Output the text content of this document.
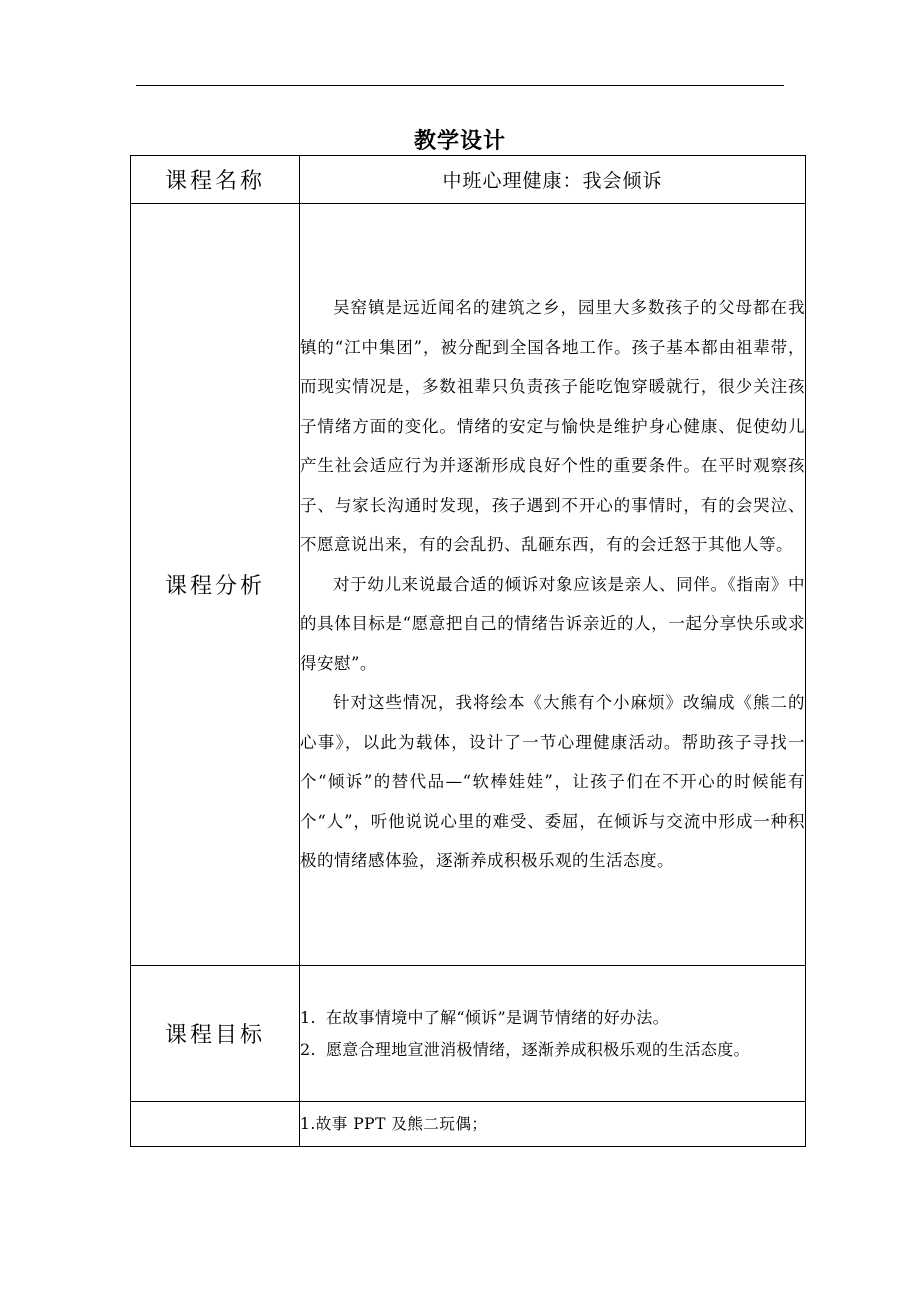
教学设计
课程名称	中班心理健康：我会倾诉
课程分析	吴窑镇是远近闻名的建筑之乡，园里大多数孩子的父母都在我镇的“江中集团”，被分配到全国各地工作。孩子基本都由祖辈带，而现实情况是，多数祖辈只负责孩子能吃饱穿暖就行，很少关注孩子情绪方面的变化。情绪的安定与愉快是维护身心健康、促使幼儿产生社会适应行为并逐渐形成良好个性的重要条件。在平时观察孩子、与家长沟通时发现，孩子遇到不开心的事情时，有的会哭泣、不愿意说出来，有的会乱扔、乱砸东西，有的会迁怒于其他人等。

对于幼儿来说最合适的倾诉对象应该是亲人、同伴。《指南》中的具体目标是“愿意把自己的情绪告诉亲近的人，一起分享快乐或求得安慰”。

针对这些情况，我将绘本《大熊有个小麻烦》改编成《熊二的心事》，以此为载体，设计了一节心理健康活动。帮助孩子寻找一个“倾诉”的替代品—“软棒娃娃”，让孩子们在不开心的时候能有个“人”，听他说说心里的难受、委屈，在倾诉与交流中形成一种积极的情绪感体验，逐渐养成积极乐观的生活态度。

课程目标	1. 在故事情境中了解“倾诉”是调节情绪的好办法。

2. 愿意合理地宣泄消极情绪，逐渐养成积极乐观的生活态度。

	1.故事 PPT 及熊二玩偶；
